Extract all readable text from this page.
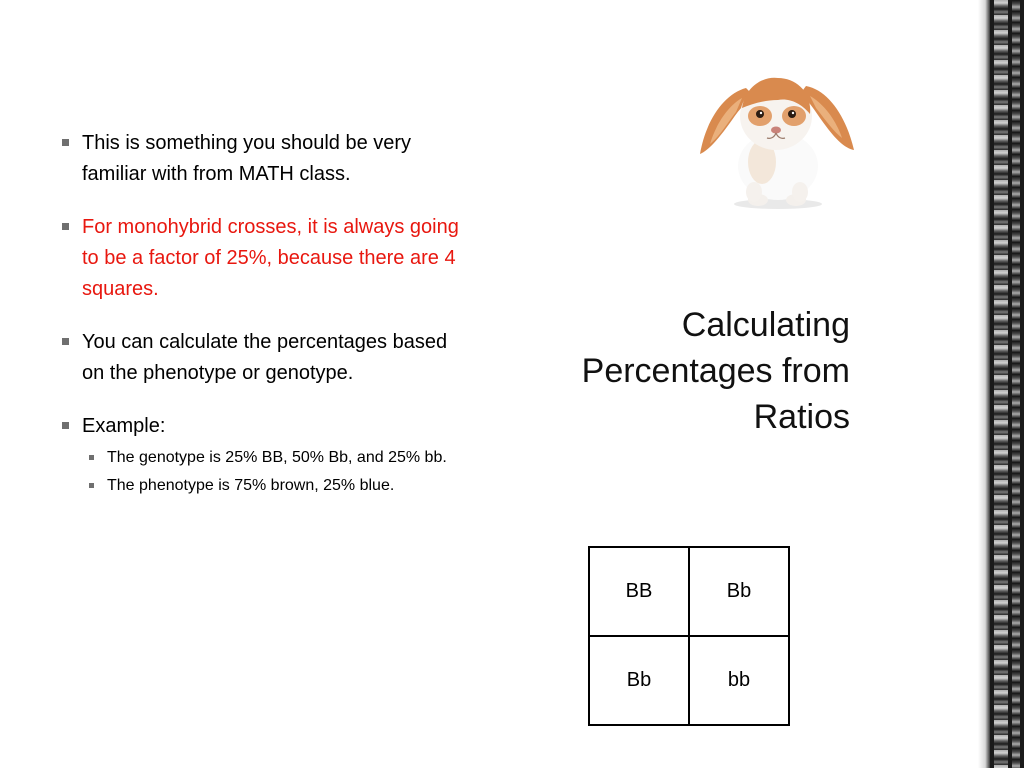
This is something you should be very familiar with from MATH class.
For monohybrid crosses, it is always going to be a factor of 25%, because there are 4 squares.
You can calculate the percentages based on the phenotype or genotype.
Example:
The genotype is 25% BB, 50% Bb, and 25% bb.
The phenotype is 75% brown, 25% blue.
Calculating
Percentages from
Ratios
BB	Bb
Bb	bb
